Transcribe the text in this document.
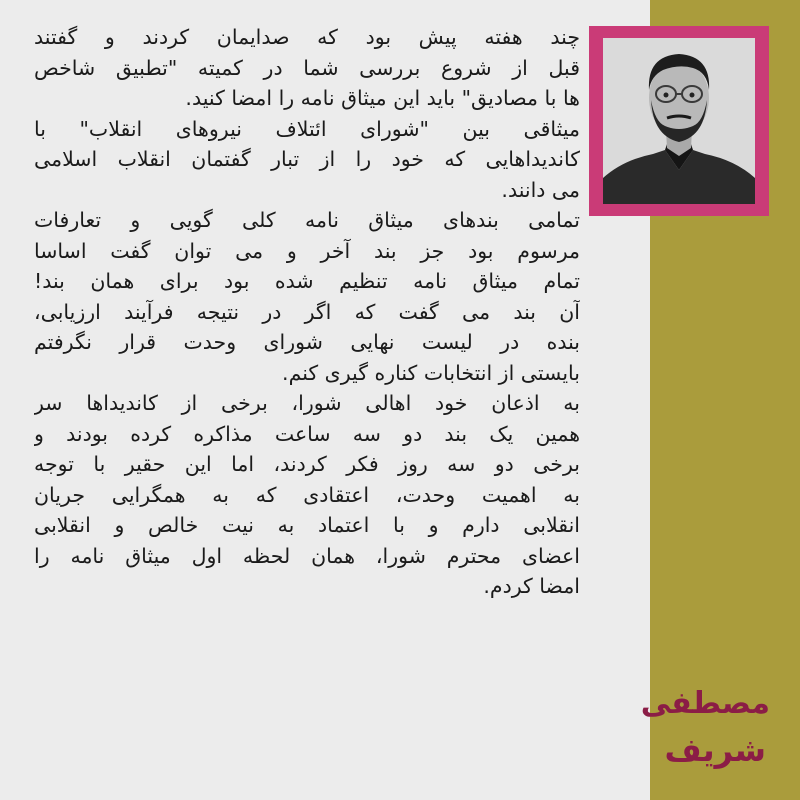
چند هفته پیش بود که صدایمان کردند و گفتند
قبل از شروع بررسی شما در کمیته "تطبیق شاخص
ها با مصادیق" باید این میثاق نامه را امضا کنید.
میثاقی بین "شورای ائتلاف نیروهای انقلاب" با
کاندیداهایی که خود را از تبار گفتمان انقلاب اسلامی
می دانند.
تمامی بندهای میثاق نامه کلی گویی و تعارفات
مرسوم بود جز بند آخر و می توان گفت اساسا
تمام میثاق نامه تنظیم شده بود برای همان بند!
آن بند می گفت که اگر در نتیجه فرآیند ارزیابی،
بنده در لیست نهایی شورای وحدت قرار نگرفتم
بایستی از انتخابات کناره گیری کنم.
به اذعان خود اهالی شورا، برخی از کاندیداها سر
همین یک بند دو سه ساعت مذاکره کرده بودند و
برخی دو سه روز فکر کردند، اما این حقیر با توجه
به اهمیت وحدت، اعتقادی که به همگرایی جریان
انقلابی دارم و با اعتماد به نیت خالص و انقلابی
اعضای محترم شورا، همان لحظه اول میثاق نامه را
امضا کردم.
مصطفی
شریف
